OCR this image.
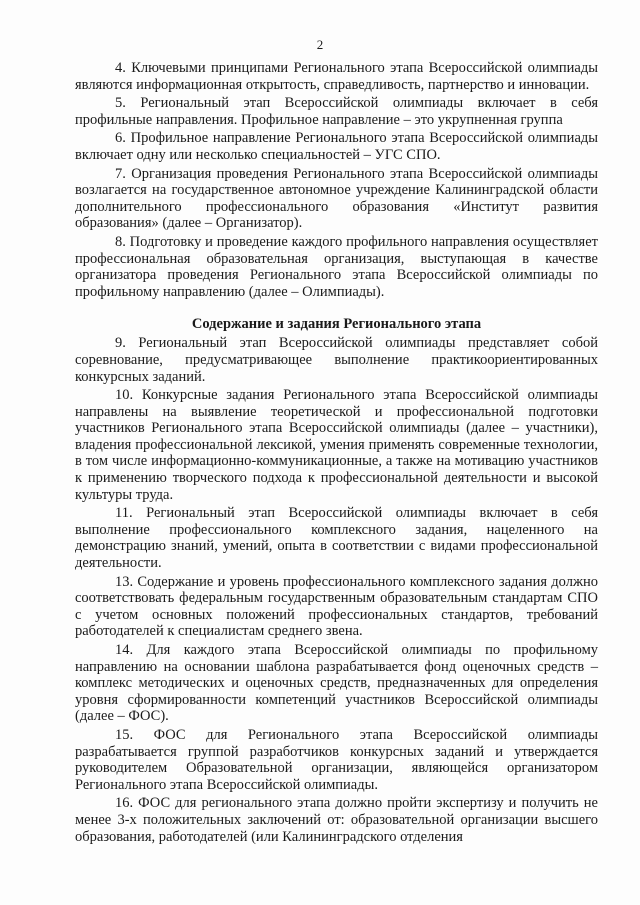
2

4. Ключевыми принципами Регионального этапа Всероссийской олимпиады являются информационная открытость, справедливость, партнерство и инновации.

5. Региональный этап Всероссийской олимпиады включает в себя профильные направления. Профильное направление – это укрупненная группа

6. Профильное направление Регионального этапа Всероссийской олимпиады включает одну или несколько специальностей – УГС СПО.

7. Организация проведения Регионального этапа Всероссийской олимпиады возлагается на государственное автономное учреждение Калининградской области дополнительного профессионального образования «Институт развития образования» (далее – Организатор).

8. Подготовку и проведение каждого профильного направления осуществляет профессиональная образовательная организация, выступающая в качестве организатора проведения Регионального этапа Всероссийской олимпиады по профильному направлению (далее – Олимпиады).

Содержание и задания Регионального этапа

9. Региональный этап Всероссийской олимпиады представляет собой соревнование, предусматривающее выполнение практикоориентированных конкурсных заданий.

10. Конкурсные задания Регионального этапа Всероссийской олимпиады направлены на выявление теоретической и профессиональной подготовки участников Регионального этапа Всероссийской олимпиады (далее – участники), владения профессиональной лексикой, умения применять современные технологии, в том числе информационно-коммуникационные, а также на мотивацию участников к применению творческого подхода к профессиональной деятельности и высокой культуры труда.

11. Региональный этап Всероссийской олимпиады включает в себя выполнение профессионального комплексного задания, нацеленного на демонстрацию знаний, умений, опыта в соответствии с видами профессиональной деятельности.

13. Содержание и уровень профессионального комплексного задания должно соответствовать федеральным государственным образовательным стандартам СПО с учетом основных положений профессиональных стандартов, требований работодателей к специалистам среднего звена.

14. Для каждого этапа Всероссийской олимпиады по профильному направлению на основании шаблона разрабатывается фонд оценочных средств – комплекс методических и оценочных средств, предназначенных для определения уровня сформированности компетенций участников Всероссийской олимпиады (далее – ФОС).

15. ФОС для Регионального этапа Всероссийской олимпиады разрабатывается группой разработчиков конкурсных заданий и утверждается руководителем Образовательной организации, являющейся организатором Регионального этапа Всероссийской олимпиады.

16. ФОС для регионального этапа должно пройти экспертизу и получить не менее 3-х положительных заключений от: образовательной организации высшего образования, работодателей (или Калининградского отделения
